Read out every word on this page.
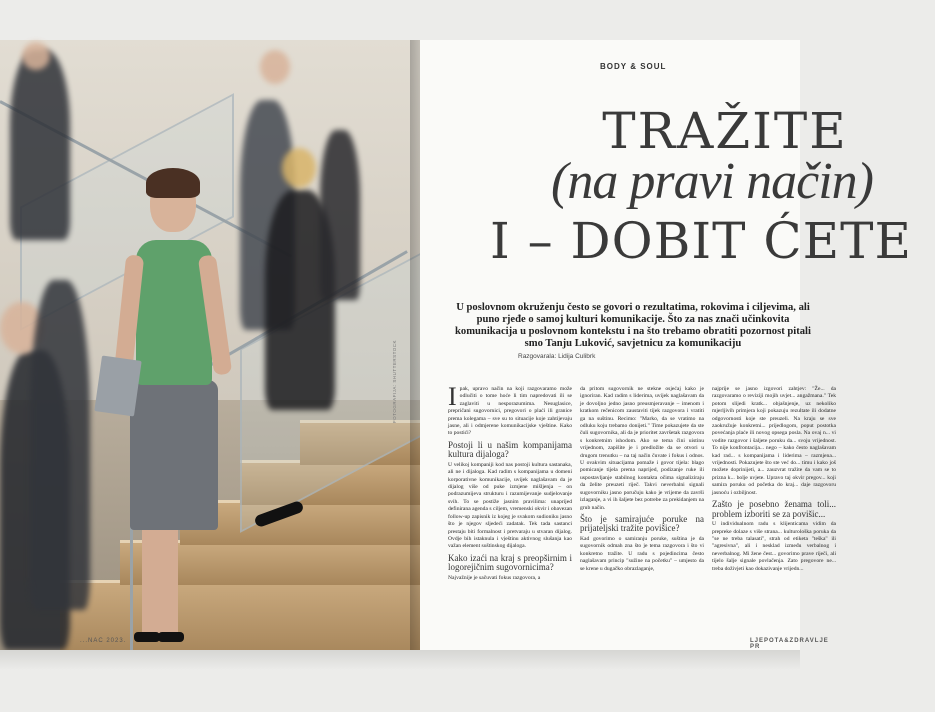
FOTOGRAFIJA: SHUTTERSTOCK
...NAC 2023.
BODY & SOUL
TRAŽITE
(na pravi način)
I – DOBIT ĆETE
U poslovnom okruženju često se govori o rezultatima, rokovima i ciljevima, ali puno rjeđe o samoj kulturi komunikacije. Što za nas znači učinkovita komunikacija u poslovnom kontekstu i na što trebamo obratiti pozornost pitali smo Tanju Luković, savjetnicu za komunikaciju
Razgovarala: Lidija Culibrk

Ipak, upravo način na koji razgovaramo može odlučiti o tome hoće li tim napredovati ili se zaglaviti u nesporazumima. Nesuglasice, prepričani sugovornici, pregovori o plaći ili granice prema kolegama – sve su to situacije koje zahtijevaju jasne, ali i odmjerene komunikacijske vještine. Kako to postići?

Postoji li u našim kompanijama kultura dijaloga?

U velikoj kompaniji kod nas postoji kultura sastanaka, ali ne i dijaloga. Kad radim s kompanijama u domeni korporativne komunikacije, uvijek naglašavam da je dijalog više od puke izmjene mišljenja – on podrazumijeva strukturu i razumijevanje sudjelovanje svih. To se postiže jasnim pravilima: unaprijed definirana agenda s ciljem, vremenski okvir i obavezan follow-up zapisnik iz kojeg je svakom sudioniku jasno što je njegov sljedeći zadatak. Tek tada sastanci prestaju biti formalnost i pretvaraju u stvaran dijalog. Ovdje bih istaknula i vještinu aktivnog slušanja kao važan element suštinskog dijaloga.

Kako izaći na kraj s preopširnim i logorejičnim sugovornicima?

Najvažnije je sačuvati fokus razgovora, a

da pritom sugovornik ne stekne osjećaj kako je ignoriran. Kad radim s liderima, uvijek naglašavam da je dovoljno jedno jasno preusmjeravanje – imenom i kratkom rečenicom zaustaviti tijek razgovora i vratiti ga na suštinu. Recimo: "Marko, da se vratimo na odluku koju trebamo donijeti." Time pokazujete da ste čuli sugovornika, ali da je prioritet završetak razgovora s konkretnim ishodom. Ako se tema čini uistinu vrijednom, zapišite je i predložite da se otvori u drugom trenutku – na taj način čuvate i fokus i odnos. U ovakvim situacijama pomaže i govor tijela: blago pomicanje tijela prema naprijed, podizanje ruke ili uspostavljanje stabilnog kontakta očima signaliziraju da želite preuzeti riječ. Takvi neverbalni signali sugovorniku jasno poručuju kako je vrijeme da završi izlaganje, a vi ih šaljete bez potrebe za prekidanjem na grub način.

Što je samirajuće poruke na prijateljski tražite povišice?

Kad govorimo o samiranju poruke, suština je da sugovornik odmah zna što je tema razgovora i što vi konkretno tražite. U radu s pojedincima često naglašavam princip "sužine na početku" – umjesto da se krene u dugačko obrazlaganje,

najprije se jasno izgovori zahtjev: "Že... da razgovaramo o reviziji mojih uvjet... angažmana." Tek potom slijedi kratk... objašnjenje, uz nekoliko mjerljivih primjera koji pokazuju rezultate ili dodatne odgovornosti koje ste preuzeli. Na kraju se sve zaokružuje konkretni... prijedlogom, poput postotka povećanja plaće ili novog opsega posla. Na ovaj n... vi vodite razgovor i šaljete poruku da... svoju vrijednost. To nije konfrontacija... nego – kako često naglašavam kad rad... s kompanijama i liderima – razmjena... vrijednosti. Pokazujete što ste već do... timu i kako još možete doprinijeti, a... zauzvrat tražite da vam se to prizna k... bolje uvjete. Upravo taj okvir pregov... koji samira poruku od početka do kraj... daje razgovoru jasnoću i ozbiljnost.

Zašto je posebno ženama toli... problem izboriti se za povišic...

U individualnom radu s klijenticama vidim da prepreke dolaze s više strana... kulturološka poruka da "se ne treba talasati", strah od etiketa "teška" ili "agresivna", ali i nesklad između verbalnog i neverbalnog. Mi žene čest... govorimo prave riječi, ali tijelo šalje signale povlačenja. Zato pregovore ne... treba doživjeti kao dokazivanje vrijedn...

LJEPOTA&ZDRAVLJE PR
